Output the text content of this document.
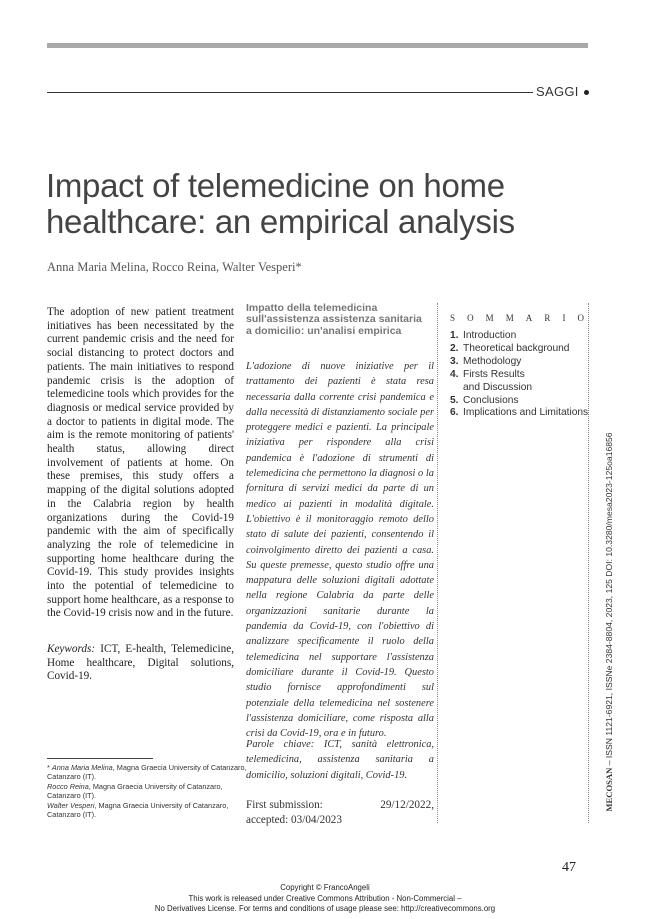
SAGGI
Impact of telemedicine on home
healthcare: an empirical analysis
Anna Maria Melina, Rocco Reina, Walter Vesperi*
The adoption of new patient treatment initiatives has been necessitated by the current pandemic crisis and the need for social distancing to protect doctors and patients. The main initiatives to respond pandemic crisis is the adoption of telemedicine tools which provides for the diagnosis or medical service provided by a doctor to patients in digital mode. The aim is the remote monitoring of patients' health status, allowing direct involvement of patients at home. On these premises, this study offers a mapping of the digital solutions adopted in the Calabria region by health organizations during the Covid-19 pandemic with the aim of specifically analyzing the role of telemedicine in supporting home healthcare during the Covid-19. This study provides insights into the potential of telemedicine to support home healthcare, as a response to the Covid-19 crisis now and in the future.
Keywords: ICT, E-health, Telemedicine, Home healthcare, Digital solutions, Covid-19.
Impatto della telemedicina sull'assistenza assistenza sanitaria a domicilio: un'analisi empirica
L'adozione di nuove iniziative per il trattamento dei pazienti è stata resa necessaria dalla corrente crisi pandemica e dalla necessità di distanziamento sociale per proteggere medici e pazienti. La principale iniziativa per rispondere alla crisi pandemica è l'adozione di strumenti di telemedicina che permettono la diagnosi o la fornitura di servizi medici da parte di un medico ai pazienti in modalità digitale. L'obiettivo è il monitoraggio remoto dello stato di salute dei pazienti, consentendo il coinvolgimento diretto dei pazienti a casa. Su queste premesse, questo studio offre una mappatura delle soluzioni digitali adottate nella regione Calabria da parte delle organizzazioni sanitarie durante la pandemia da Covid-19, con l'obiettivo di analizzare specificamente il ruolo della telemedicina nel supportare l'assistenza domiciliare durante il Covid-19. Questo studio fornisce approfondimenti sul potenziale della telemedicina nel sostenere l'assistenza domiciliare, come risposta alla crisi da Covid-19, ora e in futuro.
Parole chiave: ICT, sanità elettronica, telemedicina, assistenza sanitaria a domicilio, soluzioni digitali, Covid-19.
First submission:	29/12/2022,
accepted: 03/04/2023
S O M M A R I O
1. Introduction
2. Theoretical background
3. Methodology
4. Firsts Results
and Discussion
5. Conclusions
6. Implications and Limitations
MECOSAN – ISSN 1121-6921, ISSNe 2384-8804, 2023, 125 DOI: 10.3280/mesa2023-125oa16856
* Anna Maria Melina, Magna Graecia University of Catanzaro, Catanzaro (IT).
Rocco Reina, Magna Graecia University of Catanzaro, Catanzaro (IT).
Walter Vesperi, Magna Graecia University of Catanzaro, Catanzaro (IT).
47
Copyright © FrancoAngeli
This work is released under Creative Commons Attribution - Non-Commercial –
No Derivatives License. For terms and conditions of usage please see: http://creativecommons.org
